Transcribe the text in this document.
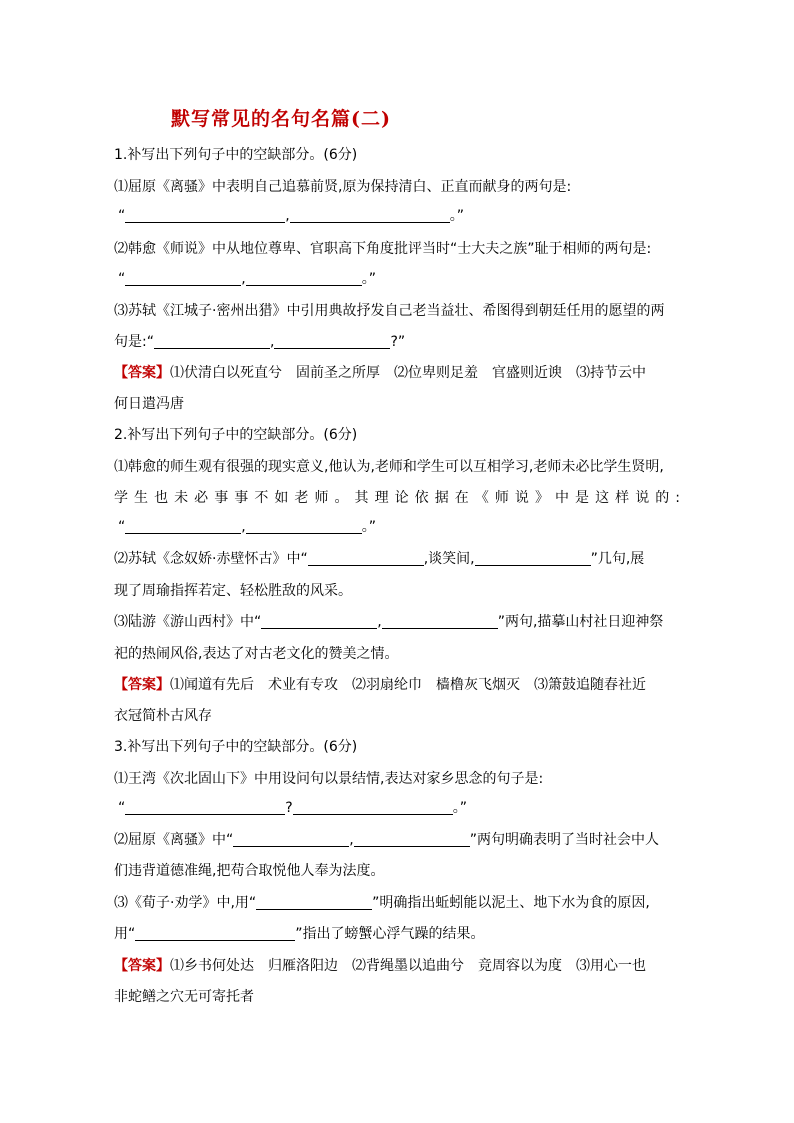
默写常见的名句名篇(二)
1.补写出下列句子中的空缺部分。(6分)
⑴屈原《离骚》中表明自己追慕前贤,原为保持清白、正直而献身的两句是:
“	,	。”
⑵韩愈《师说》中从地位尊卑、官职高下角度批评当时“士大夫之族”耻于相师的两句是:
“	,	。”
⑶苏轼《江城子·密州出猎》中引用典故抒发自己老当益壮、希图得到朝廷任用的愿望的两
句是:“	,	?”
【答案】⑴伏清白以死直兮　固前圣之所厚　⑵位卑则足羞　官盛则近谀　⑶持节云中
何日遣冯唐
2.补写出下列句子中的空缺部分。(6分)
⑴韩愈的师生观有很强的现实意义,他认为,老师和学生可以互相学习,老师未必比学生贤明,
学生也未必事事不如老师。其理论依据在《师说》中是这样说的:
“	,	。”
⑵苏轼《念奴娇·赤壁怀古》中“	,谈笑间,	”几句,展
现了周瑜指挥若定、轻松胜敌的风采。
⑶陆游《游山西村》中“	,	”两句,描摹山村社日迎神祭
祀的热闹风俗,表达了对古老文化的赞美之情。
【答案】⑴闻道有先后　术业有专攻　⑵羽扇纶巾　樯橹灰飞烟灭　⑶箫鼓追随春社近
衣冠简朴古风存
3.补写出下列句子中的空缺部分。(6分)
⑴王湾《次北固山下》中用设问句以景结情,表达对家乡思念的句子是:
“	?	。”
⑵屈原《离骚》中“	,	”两句明确表明了当时社会中人
们违背道德准绳,把苟合取悦他人奉为法度。
⑶《荀子·劝学》中,用“	”明确指出蚯蚓能以泥土、地下水为食的原因,
用“	”指出了螃蟹心浮气躁的结果。
【答案】⑴乡书何处达　归雁洛阳边　⑵背绳墨以追曲兮　竞周容以为度　⑶用心一也
非蛇鳝之穴无可寄托者
